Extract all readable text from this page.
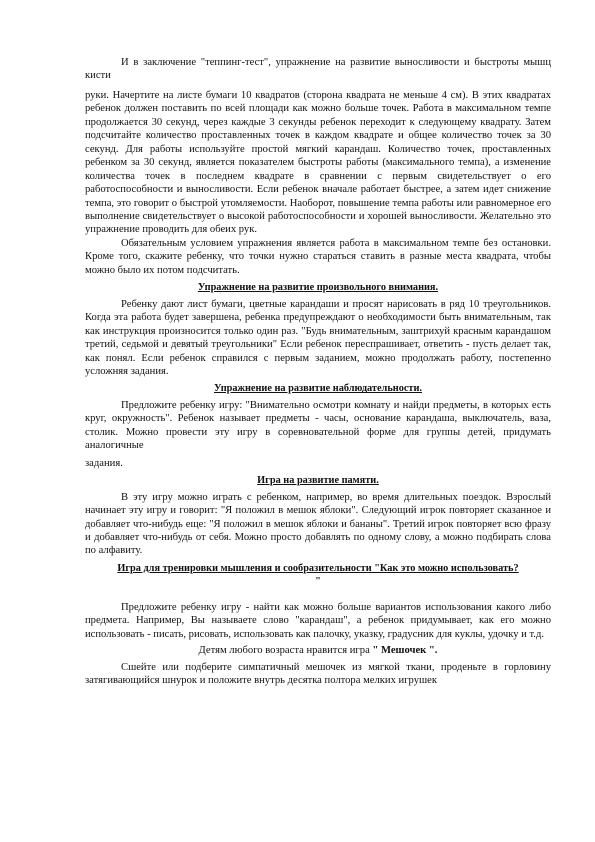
И в заключение "теппинг-тест", упражнение на развитие выносливости и быстроты мышц кисти

руки. Начертите на листе бумаги 10 квадратов (сторона квадрата не меньше 4 см). В этих квадратах ребенок должен поставить по всей площади как можно больше точек. Работа в максимальном темпе продолжается 30 секунд, через каждые 3 секунды ребенок переходит к следующему квадрату. Затем подсчитайте количество проставленных точек в каждом квадрате и общее количество точек за 30 секунд. Для работы используйте простой мягкий карандаш. Количество точек, проставленных ребенком за 30 секунд, является показателем быстроты работы (максимального темпа), а изменение количества точек в последнем квадрате в сравнении с первым свидетельствует о его работоспособности и выносливости. Если ребенок вначале работает быстрее, а затем идет снижение темпа, это говорит о быстрой утомляемости. Наоборот, повышение темпа работы или равномерное его выполнение свидетельствует о высокой работоспособности и хорошей выносливости. Желательно это упражнение проводить для обеих рук.

Обязательным условием упражнения является работа в максимальном темпе без остановки. Кроме того, скажите ребенку, что точки нужно стараться ставить в разные места квадрата, чтобы можно было их потом подсчитать.

Упражнение на развитие произвольного внимания.

Ребенку дают лист бумаги, цветные карандаши и просят нарисовать в ряд 10 треугольников. Когда эта работа будет завершена, ребенка предупреждают о необходимости быть внимательным, так как инструкция произносится только один раз. "Будь внимательным, заштрихуй красным карандашом третий, седьмой и девятый треугольники" Если ребенок переспрашивает, ответить - пусть делает так, как понял. Если ребенок справился с первым заданием, можно продолжать работу, постепенно усложняя задания.

Упражнение на развитие наблюдательности.

Предложите ребенку игру: "Внимательно осмотри комнату и найди предметы, в которых есть круг, окружность". Ребенок называет предметы - часы, основание карандаша, выключатель, ваза, столик. Можно провести эту игру в соревновательной форме для группы детей, придумать аналогичные

задания.

Игра на развитие памяти.

В эту игру можно играть с ребенком, например, во время длительных поездок. Взрослый начинает эту игру и говорит: "Я положил в мешок яблоки". Следующий игрок повторяет сказанное и добавляет что-нибудь еще: "Я положил в мешок яблоки и бананы". Третий игрок повторяет всю фразу и добавляет что-нибудь от себя. Можно просто добавлять по одному слову, а можно подбирать слова по алфавиту.

Игра для тренировки мышления и сообразительности "Как это можно использовать?

"

Предложите ребенку игру - найти как можно больше вариантов использования какого либо предмета. Например, Вы называете слово "карандаш", а ребенок придумывает, как его можно использовать - писать, рисовать, использовать как палочку, указку, градусник для куклы, удочку и т.д.

Детям любого возраста нравится игра " Мешочек ".

Сшейте или подберите симпатичный мешочек из мягкой ткани, проденьте в горловину затягивающийся шнурок и положите внутрь десятка полтора мелких игрушек
